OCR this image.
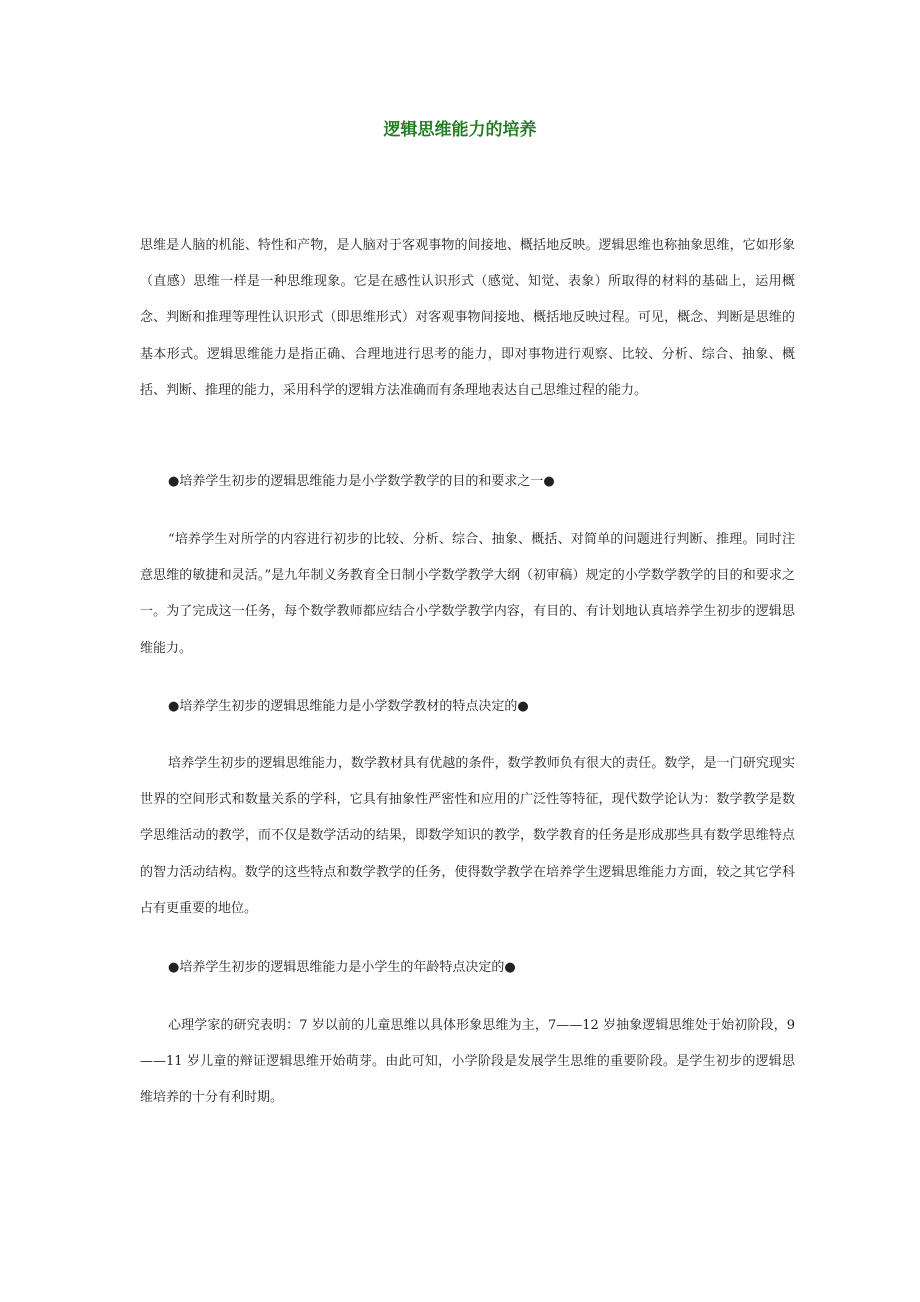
逻辑思维能力的培养

思维是人脑的机能、特性和产物，是人脑对于客观事物的间接地、概括地反映。逻辑思维也称抽象思维，它如形象（直感）思维一样是一种思维现象。它是在感性认识形式（感觉、知觉、表象）所取得的材料的基础上，运用概念、判断和推理等理性认识形式（即思维形式）对客观事物间接地、概括地反映过程。可见，概念、判断是思维的基本形式。逻辑思维能力是指正确、合理地进行思考的能力，即对事物进行观察、比较、分析、综合、抽象、概括、判断、推理的能力，采用科学的逻辑方法准确而有条理地表达自己思维过程的能力。

●培养学生初步的逻辑思维能力是小学数学教学的目的和要求之一●

“培养学生对所学的内容进行初步的比较、分析、综合、抽象、概括、对简单的问题进行判断、推理。同时注意思维的敏捷和灵活。”是九年制义务教育全日制小学数学教学大纲（初审稿）规定的小学数学教学的目的和要求之一。为了完成这一任务，每个数学教师都应结合小学数学教学内容，有目的、有计划地认真培养学生初步的逻辑思维能力。

●培养学生初步的逻辑思维能力是小学数学教材的特点决定的●

培养学生初步的逻辑思维能力，数学教材具有优越的条件，数学教师负有很大的责任。数学，是一门研究现实世界的空间形式和数量关系的学科，它具有抽象性严密性和应用的广泛性等特征，现代数学论认为：数学教学是数学思维活动的教学，而不仅是数学活动的结果，即数学知识的教学，数学教育的任务是形成那些具有数学思维特点的智力活动结构。数学的这些特点和数学教学的任务，使得数学教学在培养学生逻辑思维能力方面，较之其它学科占有更重要的地位。

●培养学生初步的逻辑思维能力是小学生的年龄特点决定的●

心理学家的研究表明：7 岁以前的儿童思维以具体形象思维为主，7——12 岁抽象逻辑思维处于始初阶段，9——11 岁儿童的辩证逻辑思维开始萌芽。由此可知，小学阶段是发展学生思维的重要阶段。是学生初步的逻辑思维培养的十分有利时期。
